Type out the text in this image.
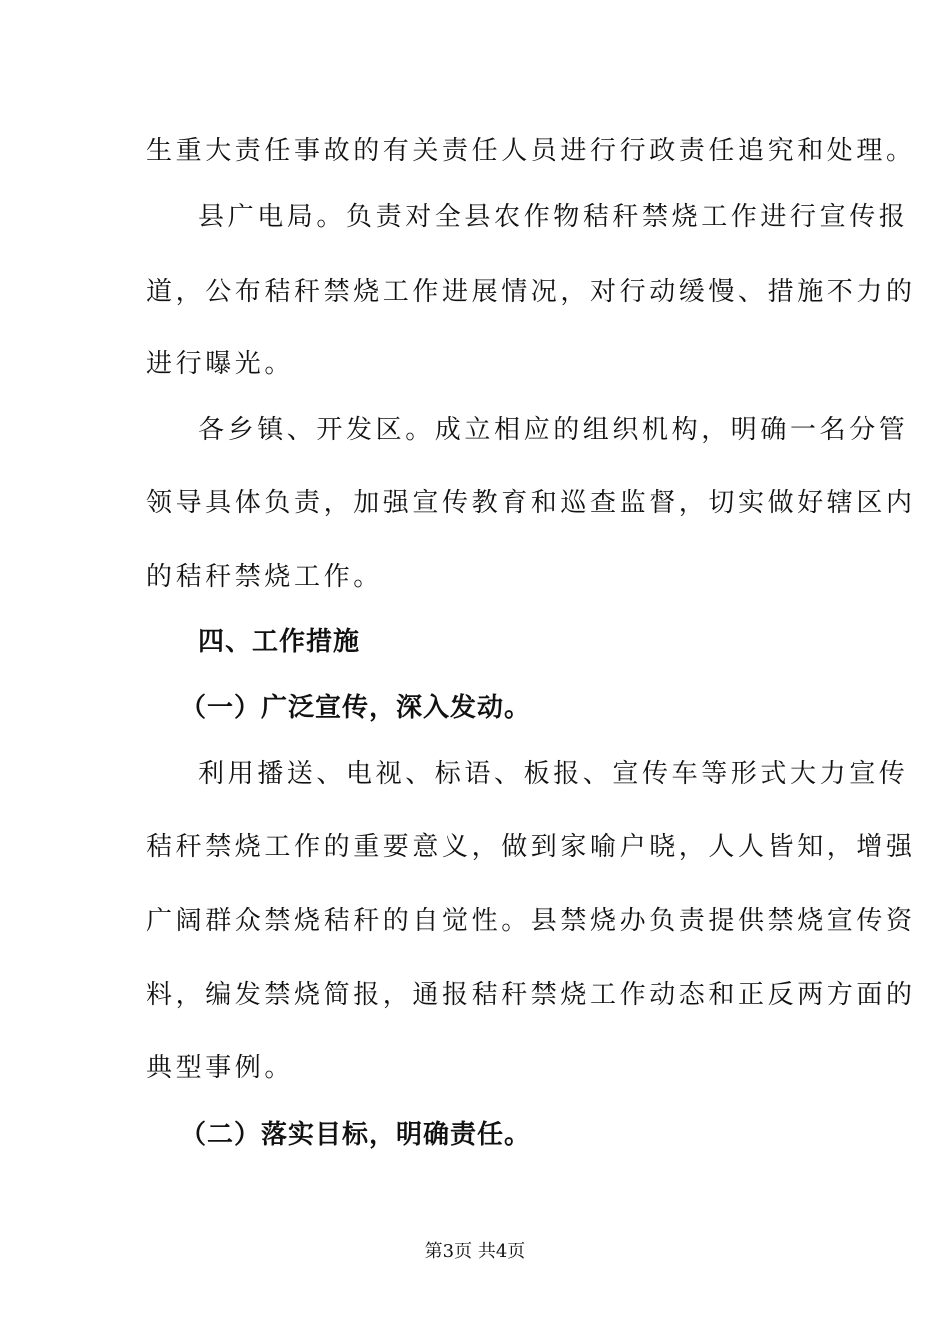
生重大责任事故的有关责任人员进行行政责任追究和处理。
县广电局。负责对全县农作物秸秆禁烧工作进行宣传报
道，公布秸秆禁烧工作进展情况，对行动缓慢、措施不力的
进行曝光。
各乡镇、开发区。成立相应的组织机构，明确一名分管
领导具体负责，加强宣传教育和巡查监督，切实做好辖区内
的秸秆禁烧工作。
四、工作措施
（一）广泛宣传，深入发动。
利用播送、电视、标语、板报、宣传车等形式大力宣传
秸秆禁烧工作的重要意义，做到家喻户晓，人人皆知，增强
广阔群众禁烧秸秆的自觉性。县禁烧办负责提供禁烧宣传资
料，编发禁烧简报，通报秸秆禁烧工作动态和正反两方面的
典型事例。
（二）落实目标，明确责任。
第3页 共4页
